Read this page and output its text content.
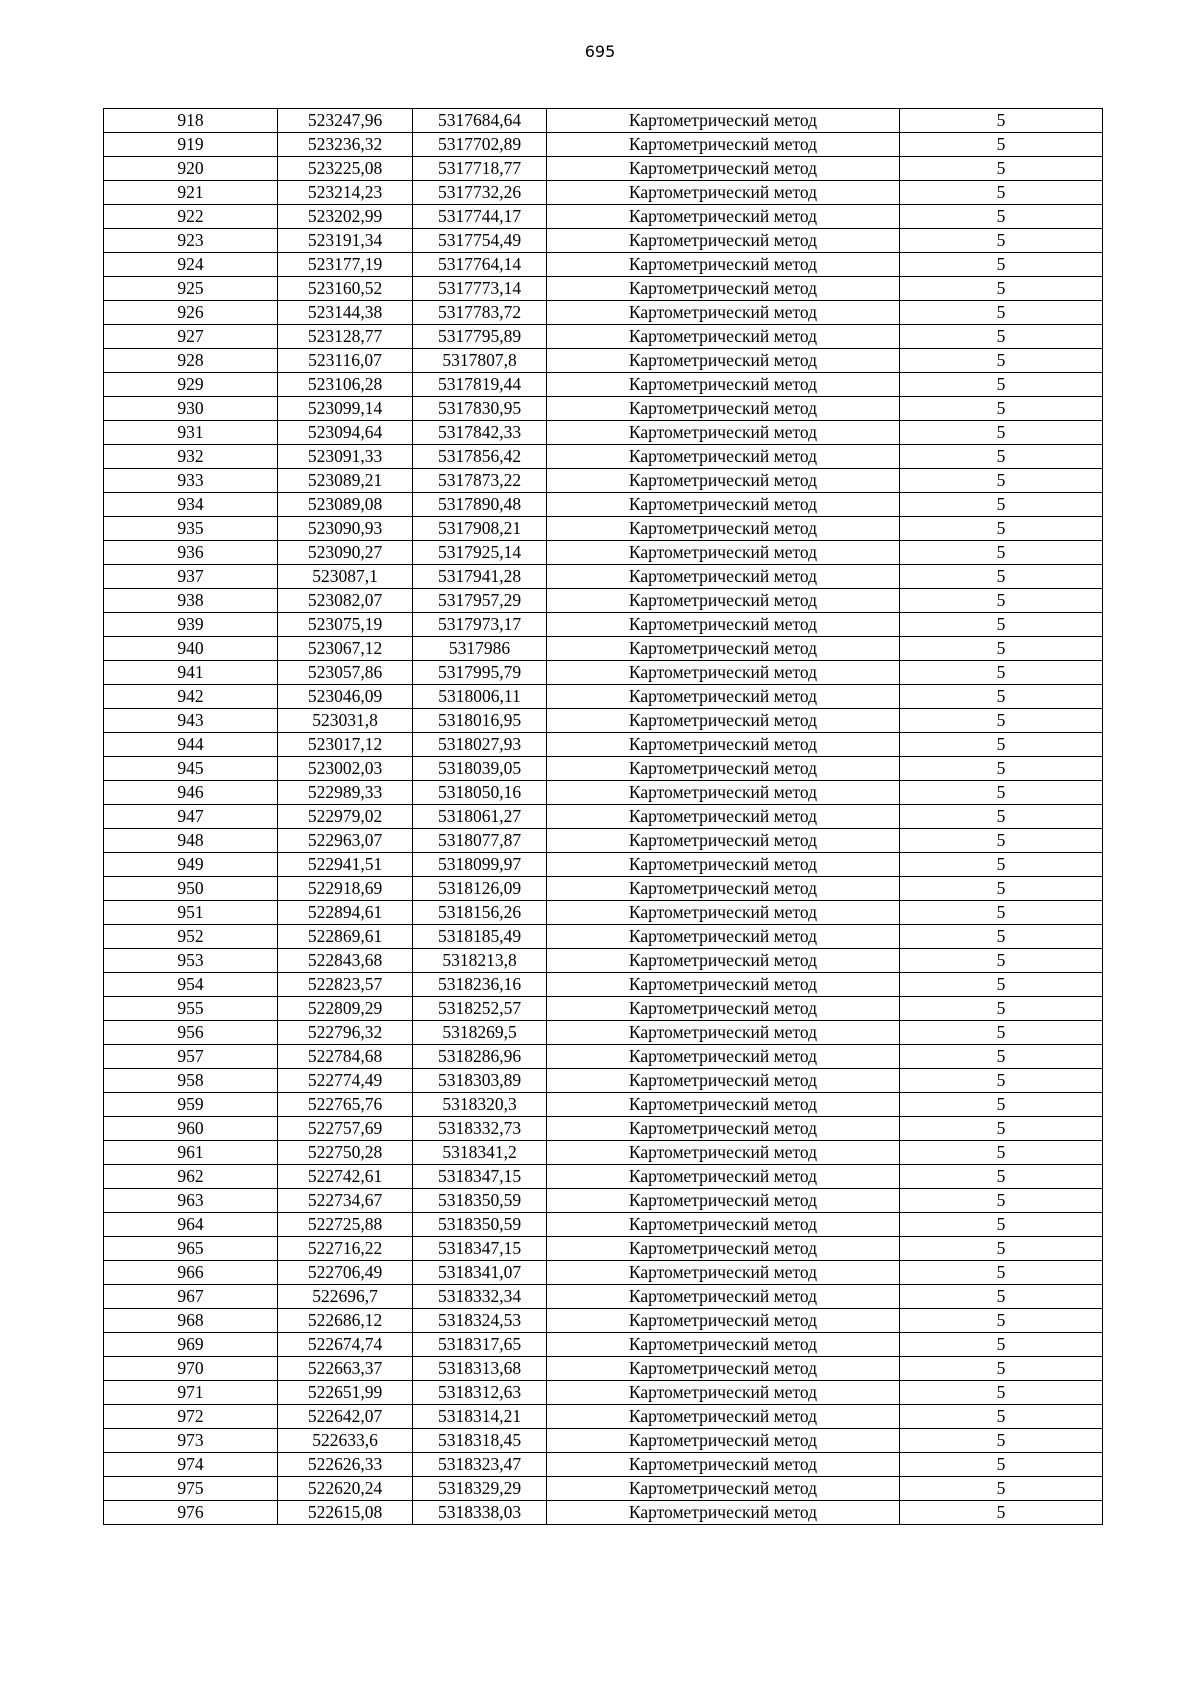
695
918	523247,96	5317684,64	Картометрический метод	5
919	523236,32	5317702,89	Картометрический метод	5
920	523225,08	5317718,77	Картометрический метод	5
921	523214,23	5317732,26	Картометрический метод	5
922	523202,99	5317744,17	Картометрический метод	5
923	523191,34	5317754,49	Картометрический метод	5
924	523177,19	5317764,14	Картометрический метод	5
925	523160,52	5317773,14	Картометрический метод	5
926	523144,38	5317783,72	Картометрический метод	5
927	523128,77	5317795,89	Картометрический метод	5
928	523116,07	5317807,8	Картометрический метод	5
929	523106,28	5317819,44	Картометрический метод	5
930	523099,14	5317830,95	Картометрический метод	5
931	523094,64	5317842,33	Картометрический метод	5
932	523091,33	5317856,42	Картометрический метод	5
933	523089,21	5317873,22	Картометрический метод	5
934	523089,08	5317890,48	Картометрический метод	5
935	523090,93	5317908,21	Картометрический метод	5
936	523090,27	5317925,14	Картометрический метод	5
937	523087,1	5317941,28	Картометрический метод	5
938	523082,07	5317957,29	Картометрический метод	5
939	523075,19	5317973,17	Картометрический метод	5
940	523067,12	5317986	Картометрический метод	5
941	523057,86	5317995,79	Картометрический метод	5
942	523046,09	5318006,11	Картометрический метод	5
943	523031,8	5318016,95	Картометрический метод	5
944	523017,12	5318027,93	Картометрический метод	5
945	523002,03	5318039,05	Картометрический метод	5
946	522989,33	5318050,16	Картометрический метод	5
947	522979,02	5318061,27	Картометрический метод	5
948	522963,07	5318077,87	Картометрический метод	5
949	522941,51	5318099,97	Картометрический метод	5
950	522918,69	5318126,09	Картометрический метод	5
951	522894,61	5318156,26	Картометрический метод	5
952	522869,61	5318185,49	Картометрический метод	5
953	522843,68	5318213,8	Картометрический метод	5
954	522823,57	5318236,16	Картометрический метод	5
955	522809,29	5318252,57	Картометрический метод	5
956	522796,32	5318269,5	Картометрический метод	5
957	522784,68	5318286,96	Картометрический метод	5
958	522774,49	5318303,89	Картометрический метод	5
959	522765,76	5318320,3	Картометрический метод	5
960	522757,69	5318332,73	Картометрический метод	5
961	522750,28	5318341,2	Картометрический метод	5
962	522742,61	5318347,15	Картометрический метод	5
963	522734,67	5318350,59	Картометрический метод	5
964	522725,88	5318350,59	Картометрический метод	5
965	522716,22	5318347,15	Картометрический метод	5
966	522706,49	5318341,07	Картометрический метод	5
967	522696,7	5318332,34	Картометрический метод	5
968	522686,12	5318324,53	Картометрический метод	5
969	522674,74	5318317,65	Картометрический метод	5
970	522663,37	5318313,68	Картометрический метод	5
971	522651,99	5318312,63	Картометрический метод	5
972	522642,07	5318314,21	Картометрический метод	5
973	522633,6	5318318,45	Картометрический метод	5
974	522626,33	5318323,47	Картометрический метод	5
975	522620,24	5318329,29	Картометрический метод	5
976	522615,08	5318338,03	Картометрический метод	5
